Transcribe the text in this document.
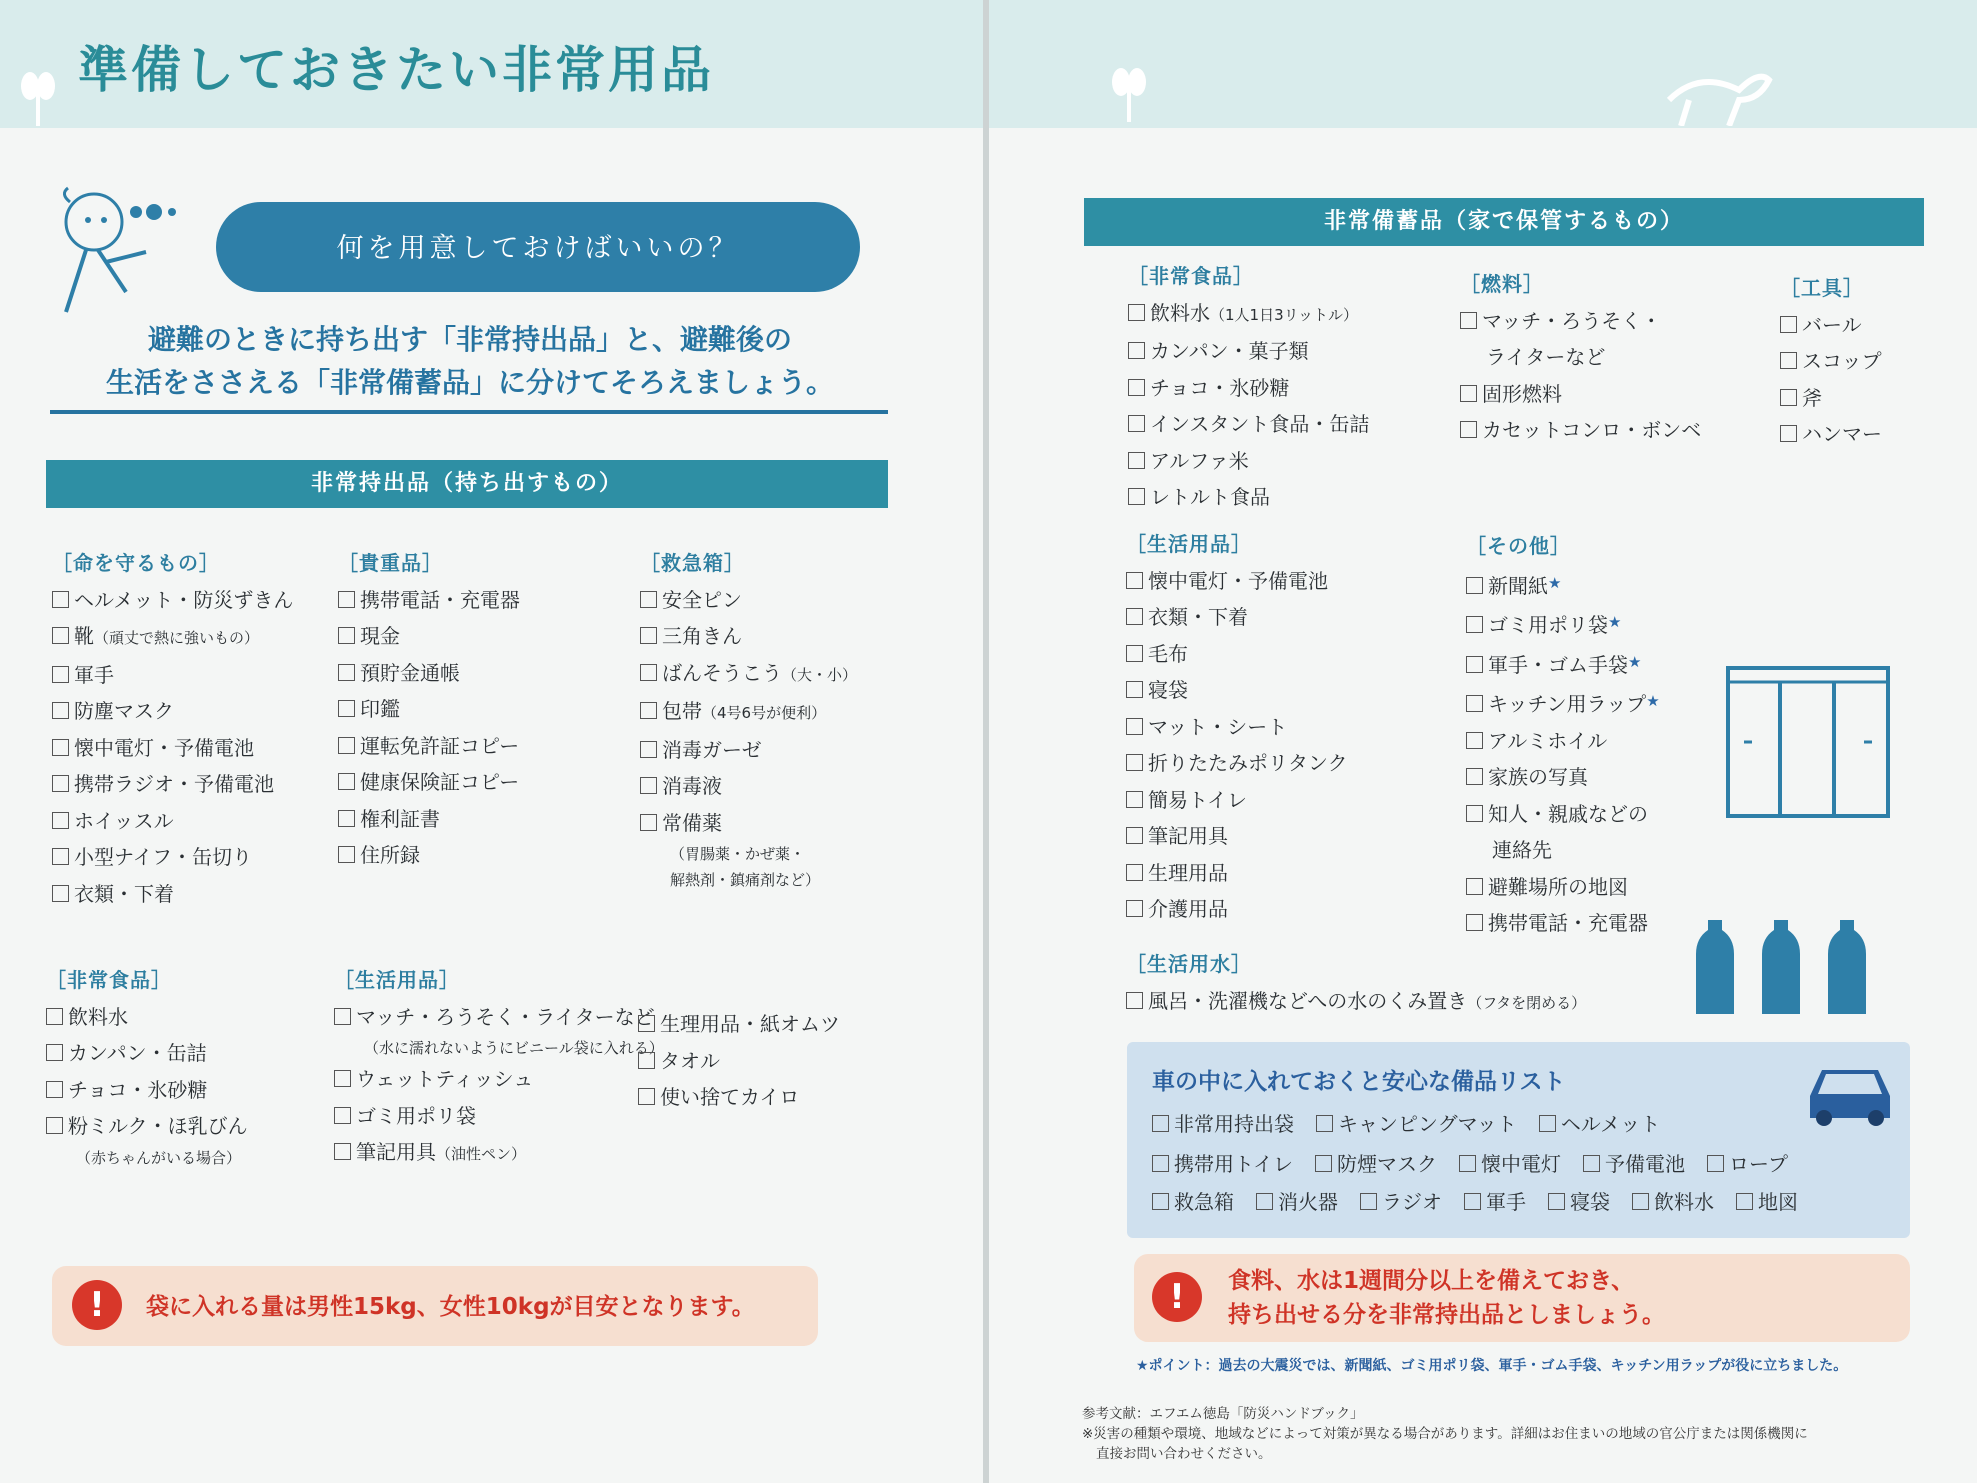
準備しておきたい非常用品
何を用意しておけばいいの？
避難のときに持ち出す「非常持出品」と、避難後の
生活をささえる「非常備蓄品」に分けてそろえましょう。
非常持出品（持ち出すもの）
［命を守るもの］
ヘルメット・防災ずきん
靴（頑丈で熱に強いもの）
軍手
防塵マスク
懐中電灯・予備電池
携帯ラジオ・予備電池
ホイッスル
小型ナイフ・缶切り
衣類・下着
［貴重品］
携帯電話・充電器
現金
預貯金通帳
印鑑
運転免許証コピー
健康保険証コピー
権利証書
住所録
［救急箱］
安全ピン
三角きん
ばんそうこう（大・小）
包帯（4号6号が便利）
消毒ガーゼ
消毒液
常備薬
（胃腸薬・かぜ薬・
解熱剤・鎮痛剤など）
［非常食品］
飲料水
カンパン・缶詰
チョコ・氷砂糖
粉ミルク・ほ乳びん
（赤ちゃんがいる場合）
［生活用品］
マッチ・ろうそく・ライターなど
（水に濡れないようにビニール袋に入れる）
ウェットティッシュ
ゴミ用ポリ袋
筆記用具（油性ペン）
生理用品・紙オムツ
タオル
使い捨てカイロ
!	袋に入れる量は男性15kg、女性10kgが目安となります。
非常備蓄品（家で保管するもの）
［非常食品］
飲料水（1人1日3リットル）
カンパン・菓子類
チョコ・氷砂糖
インスタント食品・缶詰
アルファ米
レトルト食品
［燃料］
マッチ・ろうそく・
ライターなど
固形燃料
カセットコンロ・ボンベ
［工具］
バール
スコップ
斧
ハンマー
［生活用品］
懐中電灯・予備電池
衣類・下着
毛布
寝袋
マット・シート
折りたたみポリタンク
簡易トイレ
筆記用具
生理用品
介護用品
［その他］
新聞紙★
ゴミ用ポリ袋★
軍手・ゴム手袋★
キッチン用ラップ★
アルミホイル
家族の写真
知人・親戚などの
連絡先
避難場所の地図
携帯電話・充電器
［生活用水］
風呂・洗濯機などへの水のくみ置き（フタを閉める）
車の中に入れておくと安心な備品リスト
非常用持出袋 キャンピングマット ヘルメット
携帯用トイレ 防煙マスク 懐中電灯 予備電池 ロープ
救急箱 消火器 ラジオ 軍手 寝袋 飲料水 地図
!	食料、水は1週間分以上を備えておき、
持ち出せる分を非常持出品としましょう。
★ポイント：過去の大震災では、新聞紙、ゴミ用ポリ袋、軍手・ゴム手袋、キッチン用ラップが役に立ちました。
参考文献：エフエム徳島「防災ハンドブック」
※災害の種類や環境、地域などによって対策が異なる場合があります。詳細はお住まいの地域の官公庁または関係機関に
直接お問い合わせください。
